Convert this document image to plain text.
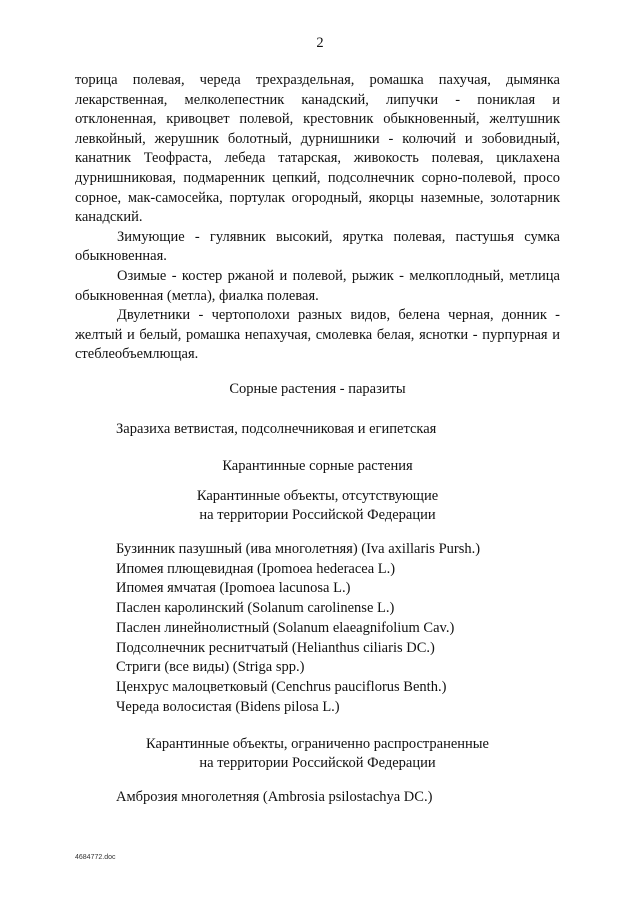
2

торица полевая, череда трехраздельная, ромашка пахучая, дымянка лекарственная, мелколепестник канадский, липучки - пониклая и отклоненная, кривоцвет полевой, крестовник обыкновенный, желтушник левкойный, жерушник болотный, дурнишники - колючий и зобовидный, канатник Теофраста, лебеда татарская, живокость полевая, циклахена дурнишниковая, подмаренник цепкий, подсолнечник сорно-полевой, просо сорное, мак-самосейка, портулак огородный, якорцы наземные, золотарник канадский.

Зимующие - гулявник высокий, ярутка полевая, пастушья сумка обыкновенная.

Озимые - костер ржаной и полевой, рыжик - мелкоплодный, метлица обыкновенная (метла), фиалка полевая.

Двулетники - чертополохи разных видов, белена черная, донник - желтый и белый, ромашка непахучая, смолевка белая, яснотки - пурпурная и стеблеобъемлющая.

Сорные растения - паразиты
Заразиха ветвистая, подсолнечниковая и египетская
Карантинные сорные растения
Карантинные объекты, отсутствующие
на территории Российской Федерации
Бузинник пазушный (ива многолетняя) (Iva axillaris Pursh.)
Ипомея плющевидная (Ipomoea hederacea L.)
Ипомея ямчатая (Ipomoea lacunosa L.)
Паслен каролинский (Solanum carolinense L.)
Паслен линейнолистный (Solanum elaeagnifolium Cav.)
Подсолнечник реснитчатый (Helianthus ciliaris DC.)
Стриги (все виды) (Striga spp.)
Ценхрус малоцветковый (Cenchrus pauciflorus Benth.)
Череда волосистая (Bidens pilosa L.)
Карантинные объекты, ограниченно распространенные
на территории Российской Федерации
Амброзия многолетняя (Ambrosia psilostachya DC.)
4684772.doc
